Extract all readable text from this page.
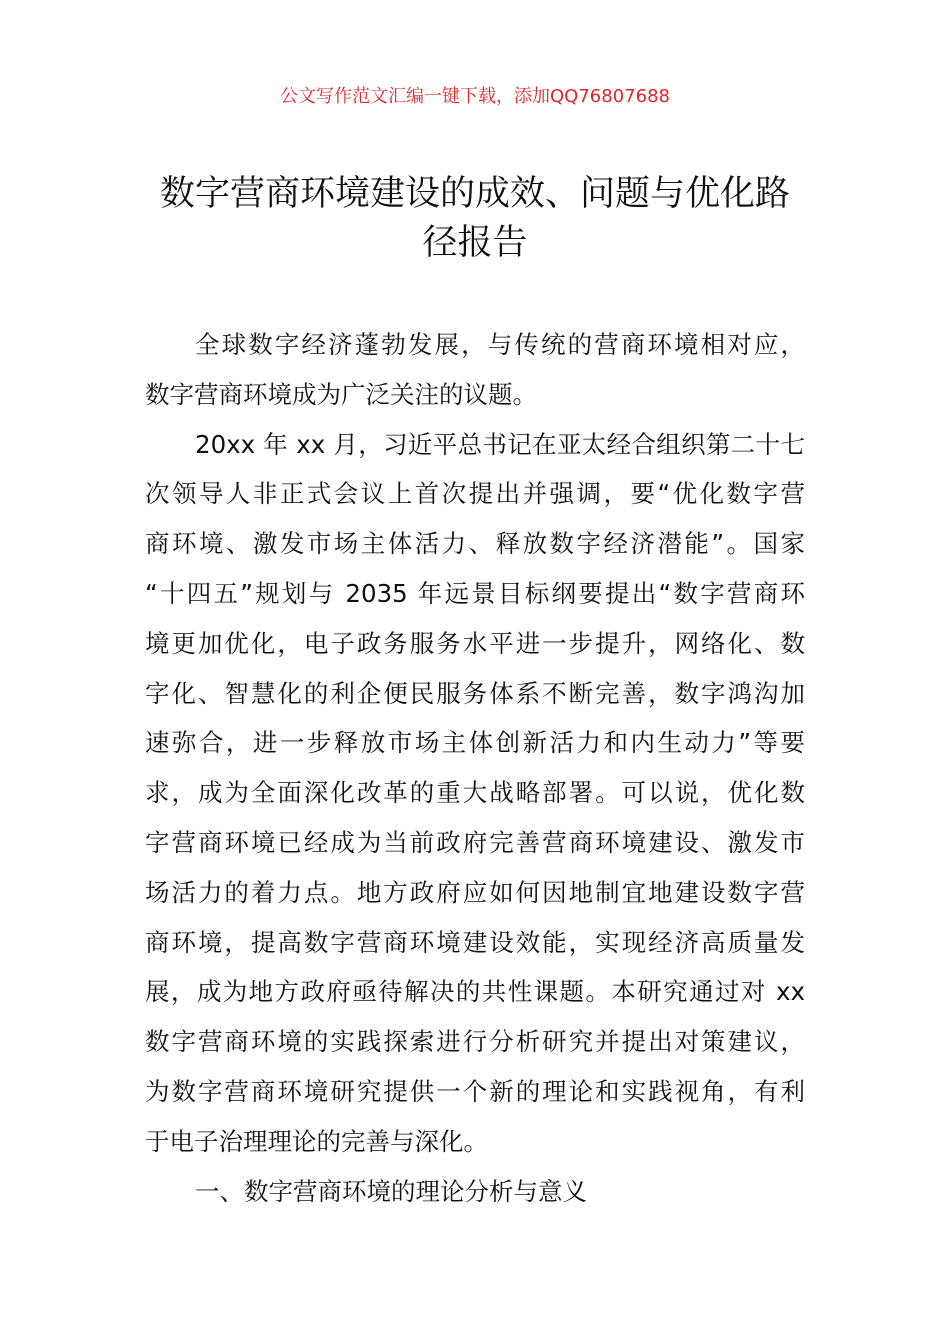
公文写作范文汇编一键下载，添加QQ76807688
数字营商环境建设的成效、问题与优化路
径报告
全球数字经济蓬勃发展，与传统的营商环境相对应，
数字营商环境成为广泛关注的议题。
20xx 年 xx 月，习近平总书记在亚太经合组织第二十七
次领导人非正式会议上首次提出并强调，要“优化数字营
商环境、激发市场主体活力、释放数字经济潜能”。国家
“十四五”规划与 2035 年远景目标纲要提出“数字营商环
境更加优化，电子政务服务水平进一步提升，网络化、数
字化、智慧化的利企便民服务体系不断完善，数字鸿沟加
速弥合，进一步释放市场主体创新活力和内生动力”等要
求，成为全面深化改革的重大战略部署。可以说，优化数
字营商环境已经成为当前政府完善营商环境建设、激发市
场活力的着力点。地方政府应如何因地制宜地建设数字营
商环境，提高数字营商环境建设效能，实现经济高质量发
展，成为地方政府亟待解决的共性课题。本研究通过对 xx
数字营商环境的实践探索进行分析研究并提出对策建议，
为数字营商环境研究提供一个新的理论和实践视角，有利
于电子治理理论的完善与深化。
一、数字营商环境的理论分析与意义
